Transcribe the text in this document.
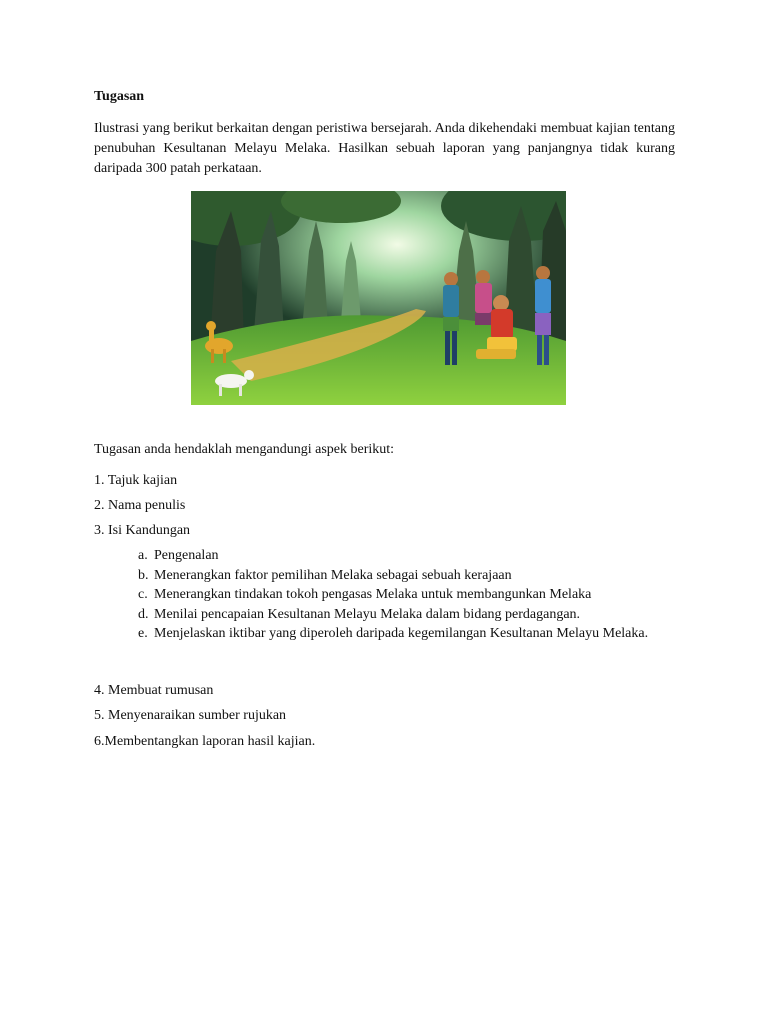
Tugasan

Ilustrasi yang berikut berkaitan dengan peristiwa bersejarah. Anda dikehendaki membuat kajian tentang penubuhan Kesultanan Melayu Melaka. Hasilkan sebuah laporan yang panjangnya tidak kurang daripada 300 patah perkataan.

Tugasan anda hendaklah mengandungi aspek berikut:

1. Tajuk kajian

2. Nama penulis

3. Isi Kandungan

a. Pengenalan
b. Menerangkan faktor pemilihan Melaka sebagai sebuah kerajaan
c. Menerangkan tindakan tokoh pengasas Melaka untuk membangunkan Melaka
d. Menilai pencapaian Kesultanan Melayu Melaka dalam bidang perdagangan.
e. Menjelaskan iktibar yang diperoleh daripada kegemilangan Kesultanan Melayu Melaka.

4. Membuat rumusan

5. Menyenaraikan sumber rujukan

6.Membentangkan laporan hasil kajian.
